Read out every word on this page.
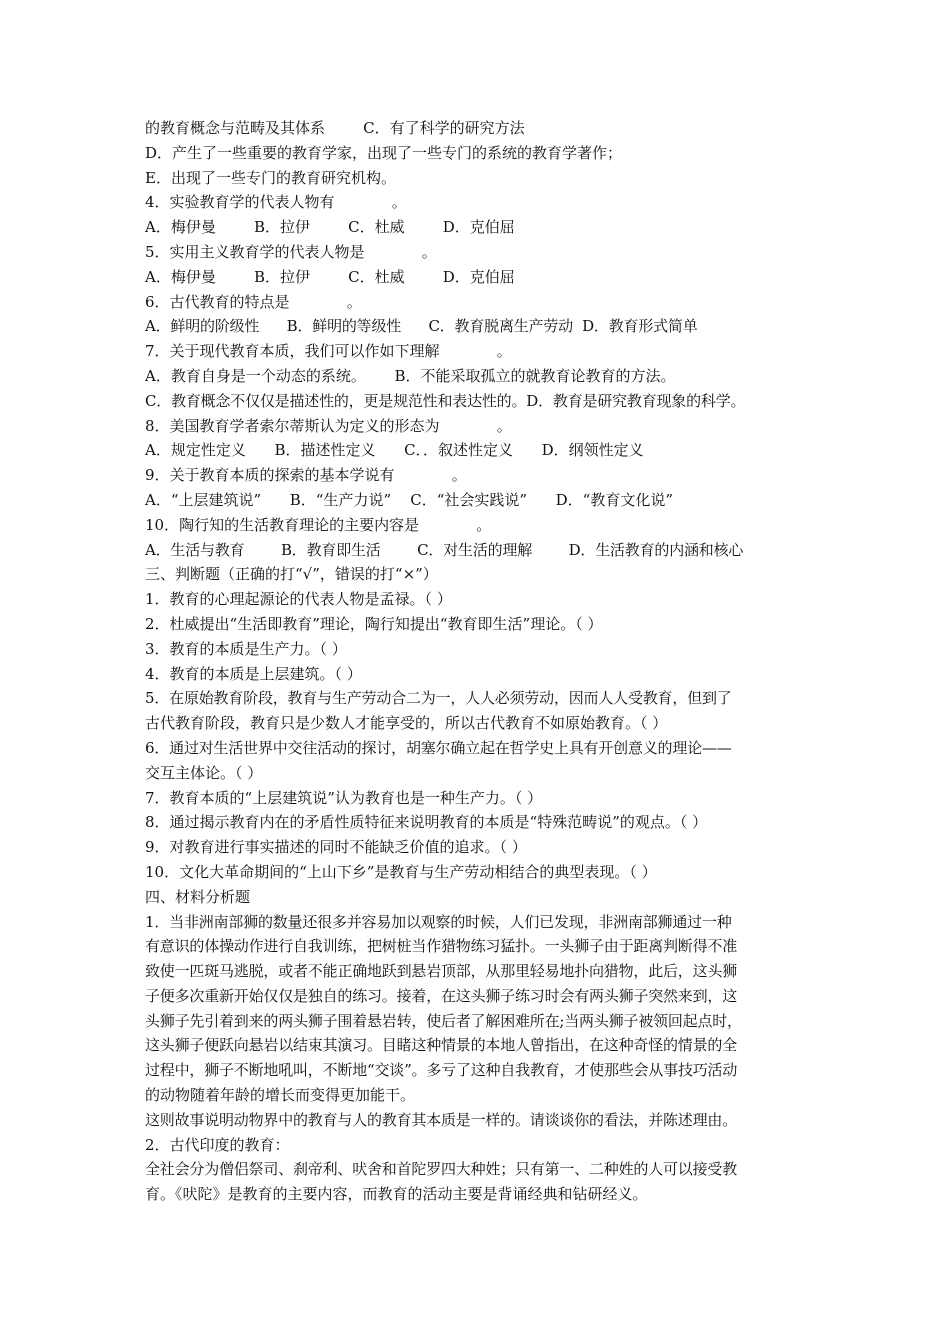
的教育概念与范畴及其体系        C．有了科学的研究方法
D．产生了一些重要的教育学家，出现了一些专门的系统的教育学著作；
E．出现了一些专门的教育研究机构。
4．实验教育学的代表人物有            。
A．梅伊曼        B．拉伊        C．杜威        D．克伯屈
5．实用主义教育学的代表人物是            。
A．梅伊曼        B．拉伊        C．杜威        D．克伯屈
6．古代教育的特点是            。
A．鲜明的阶级性      B．鲜明的等级性      C．教育脱离生产劳动  D．教育形式简单
7．关于现代教育本质，我们可以作如下理解            。
A．教育自身是一个动态的系统。      B．不能采取孤立的就教育论教育的方法。
C．教育概念不仅仅是描述性的，更是规范性和表达性的。D．教育是研究教育现象的科学。
8．美国教育学者索尔蒂斯认为定义的形态为            。
A．规定性定义      B．描述性定义      C．．叙述性定义      D．纲领性定义
9．关于教育本质的探索的基本学说有            。
A．“上层建筑说”      B．“生产力说”    C．“社会实践说”      D．“教育文化说”
10．陶行知的生活教育理论的主要内容是            。
A．生活与教育        B．教育即生活        C．对生活的理解        D．生活教育的内涵和核心
三、判断题（正确的打“√”，错误的打“×”）
1．教育的心理起源论的代表人物是孟禄。（ ）
2．杜威提出“生活即教育”理论，陶行知提出“教育即生活”理论。（ ）
3．教育的本质是生产力。（ ）
4．教育的本质是上层建筑。（ ）
5．在原始教育阶段，教育与生产劳动合二为一，人人必须劳动，因而人人受教育，但到了
古代教育阶段，教育只是少数人才能享受的，所以古代教育不如原始教育。（ ）
6．通过对生活世界中交往活动的探讨，胡塞尔确立起在哲学史上具有开创意义的理论——
交互主体论。（ ）
7．教育本质的“上层建筑说”认为教育也是一种生产力。（ ）
8．通过揭示教育内在的矛盾性质特征来说明教育的本质是“特殊范畴说”的观点。（ ）
9．对教育进行事实描述的同时不能缺乏价值的追求。（ ）
10．文化大革命期间的“上山下乡”是教育与生产劳动相结合的典型表现。（ ）
四、材料分析题
1．当非洲南部狮的数量还很多并容易加以观察的时候，人们已发现，非洲南部狮通过一种
有意识的体操动作进行自我训练，把树桩当作猎物练习猛扑。一头狮子由于距离判断得不准
致使一匹斑马逃脱，或者不能正确地跃到悬岩顶部，从那里轻易地扑向猎物，此后，这头狮
子便多次重新开始仅仅是独自的练习。接着，在这头狮子练习时会有两头狮子突然来到，这
头狮子先引着到来的两头狮子围着悬岩转，使后者了解困难所在;当两头狮子被领回起点时，
这头狮子便跃向悬岩以结束其演习。目睹这种情景的本地人曾指出，在这种奇怪的情景的全
过程中，狮子不断地吼叫，不断地“交谈”。多亏了这种自我教育，才使那些会从事技巧活动
的动物随着年龄的增长而变得更加能干。
这则故事说明动物界中的教育与人的教育其本质是一样的。请谈谈你的看法，并陈述理由。
2．古代印度的教育：
全社会分为僧侣祭司、刹帝利、吠舍和首陀罗四大种姓；只有第一、二种姓的人可以接受教
育。《吠陀》是教育的主要内容，而教育的活动主要是背诵经典和钻研经义。
